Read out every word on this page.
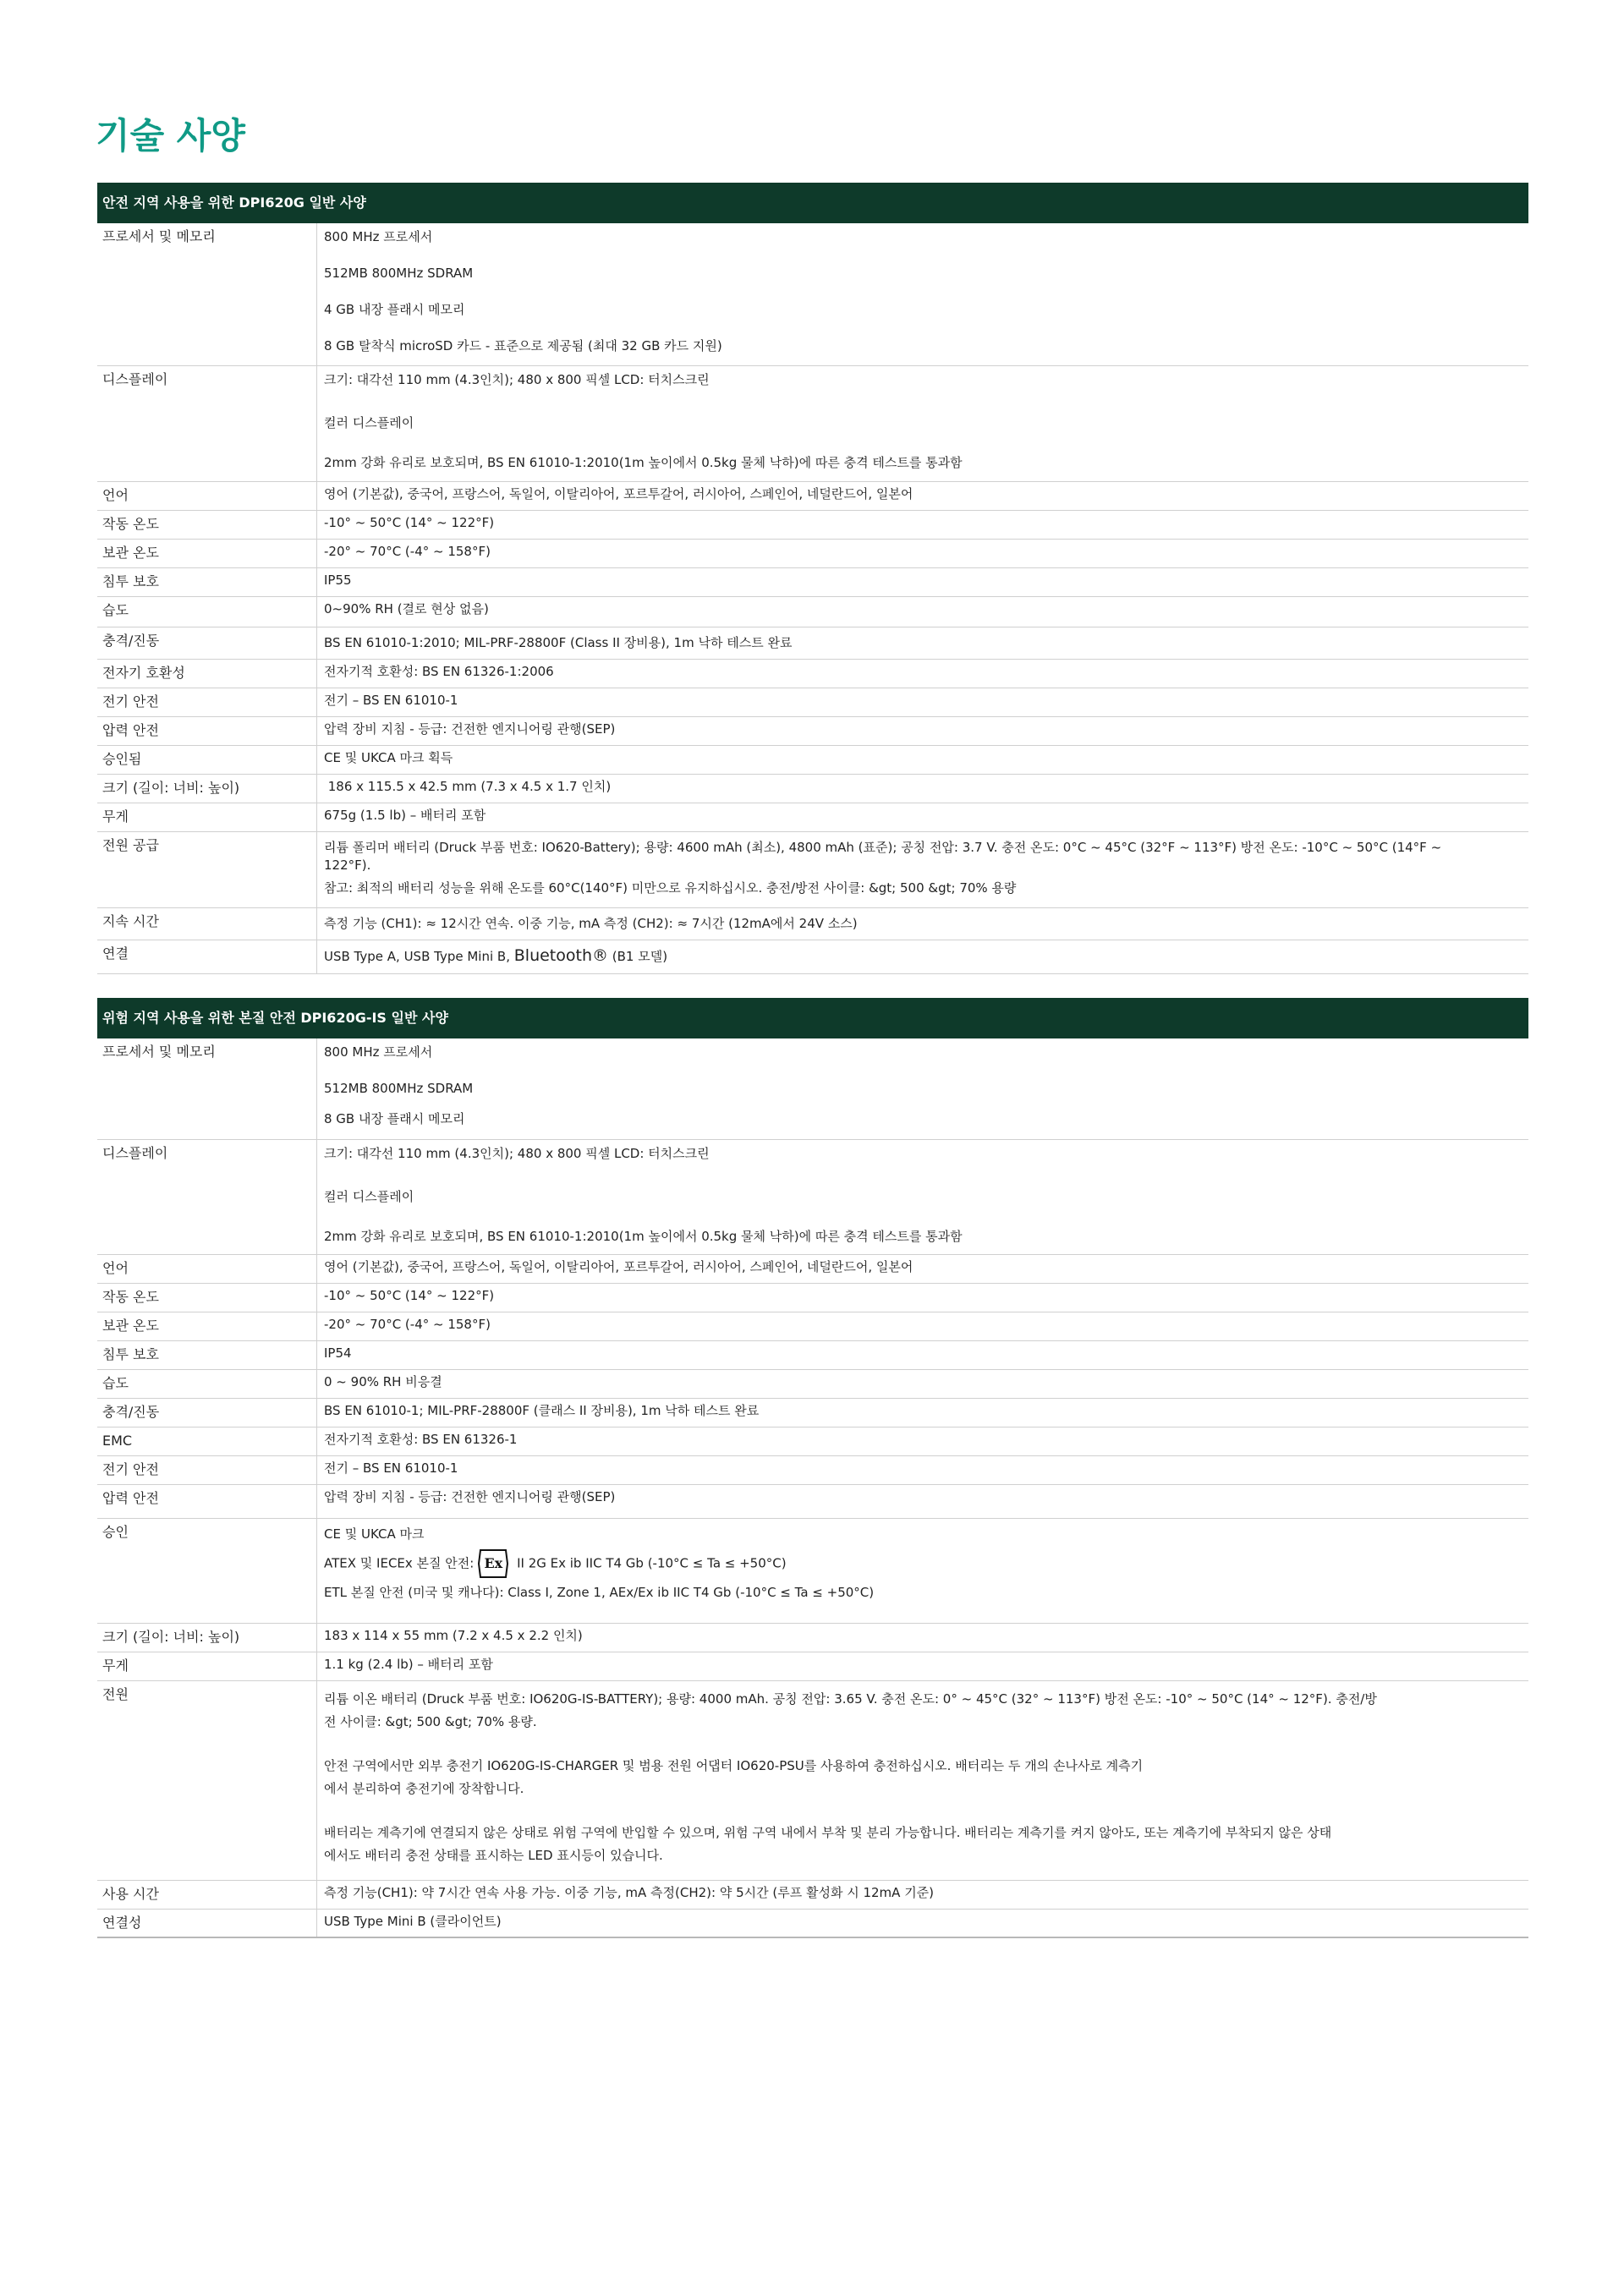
기술 사양
안전 지역 사용을 위한 DPI620G 일반 사양
프로세서 및 메모리	800 MHz 프로세서
512MB 800MHz SDRAM
4 GB 내장 플래시 메모리
8 GB 탈착식 microSD 카드 - 표준으로 제공됨 (최대 32 GB 카드 지원)
디스플레이	크기: 대각선 110 mm (4.3인치); 480 x 800 픽셀 LCD: 터치스크린
컬러 디스플레이
2mm 강화 유리로 보호되며, BS EN 61010-1:2010(1m 높이에서 0.5kg 물체 낙하)에 따른 충격 테스트를 통과함
언어	영어 (기본값), 중국어, 프랑스어, 독일어, 이탈리아어, 포르투갈어, 러시아어, 스페인어, 네덜란드어, 일본어
작동 온도	-10° ~ 50°C (14° ~ 122°F)
보관 온도	-20° ~ 70°C (-4° ~ 158°F)
침투 보호	IP55
습도	0~90% RH (결로 현상 없음)
충격/진동	BS EN 61010-1:2010; MIL-PRF-28800F (Class II 장비용), 1m 낙하 테스트 완료
전자기 호환성	전자기적 호환성: BS EN 61326-1:2006
전기 안전	전기 – BS EN 61010-1
압력 안전	압력 장비 지침 - 등급: 건전한 엔지니어링 관행(SEP)
승인됨	CE 및 UKCA 마크 획득
크기 (길이: 너비: 높이)	186 x 115.5 x 42.5 mm (7.3 x 4.5 x 1.7 인치)
무게	675g (1.5 lb) – 배터리 포함
전원 공급	리튬 폴리머 배터리 (Druck 부품 번호: IO620-Battery); 용량: 4600 mAh (최소), 4800 mAh (표준); 공칭 전압: 3.7 V. 충전 온도: 0°C ~ 45°C (32°F ~ 113°F) 방전 온도: -10°C ~ 50°C (14°F ~
122°F).
참고: 최적의 배터리 성능을 위해 온도를 60°C(140°F) 미만으로 유지하십시오. 충전/방전 사이클: &gt; 500 &gt; 70% 용량
지속 시간	측정 기능 (CH1): ≈ 12시간 연속. 이중 기능, mA 측정 (CH2): ≈ 7시간 (12mA에서 24V 소스)
연결	USB Type A, USB Type Mini B, Bluetooth® (B1 모델)
위험 지역 사용을 위한 본질 안전 DPI620G-IS 일반 사양
프로세서 및 메모리	800 MHz 프로세서
512MB 800MHz SDRAM
8 GB 내장 플래시 메모리
디스플레이	크기: 대각선 110 mm (4.3인치); 480 x 800 픽셀 LCD: 터치스크린
컬러 디스플레이
2mm 강화 유리로 보호되며, BS EN 61010-1:2010(1m 높이에서 0.5kg 물체 낙하)에 따른 충격 테스트를 통과함
언어	영어 (기본값), 중국어, 프랑스어, 독일어, 이탈리아어, 포르투갈어, 러시아어, 스페인어, 네덜란드어, 일본어
작동 온도	-10° ~ 50°C (14° ~ 122°F)
보관 온도	-20° ~ 70°C (-4° ~ 158°F)
침투 보호	IP54
습도	0 ~ 90% RH 비응결
충격/진동	BS EN 61010-1; MIL-PRF-28800F (클래스 II 장비용), 1m 낙하 테스트 완료
EMC	전자기적 호환성: BS EN 61326-1
전기 안전	전기 – BS EN 61010-1
압력 안전	압력 장비 지침 - 등급: 건전한 엔지니어링 관행(SEP)
승인	CE 및 UKCA 마크
ATEX 및 IECEx 본질 안전: Ex II 2G Ex ib IIC T4 Gb (-10°C ≤ Ta ≤ +50°C)
ETL 본질 안전 (미국 및 캐나다): Class I, Zone 1, AEx/Ex ib IIC T4 Gb (-10°C ≤ Ta ≤ +50°C)
크기 (길이: 너비: 높이)	183 x 114 x 55 mm (7.2 x 4.5 x 2.2 인치)
무게	1.1 kg (2.4 lb) – 배터리 포함
전원	리튬 이온 배터리 (Druck 부품 번호: IO620G-IS-BATTERY); 용량: 4000 mAh. 공칭 전압: 3.65 V. 충전 온도: 0° ~ 45°C (32° ~ 113°F) 방전 온도: -10° ~ 50°C (14° ~ 12°F). 충전/방
전 사이클: &gt; 500 &gt; 70% 용량.
안전 구역에서만 외부 충전기 IO620G-IS-CHARGER 및 범용 전원 어댑터 IO620-PSU를 사용하여 충전하십시오. 배터리는 두 개의 손나사로 계측기
에서 분리하여 충전기에 장착합니다.
배터리는 계측기에 연결되지 않은 상태로 위험 구역에 반입할 수 있으며, 위험 구역 내에서 부착 및 분리 가능합니다. 배터리는 계측기를 켜지 않아도, 또는 계측기에 부착되지 않은 상태
에서도 배터리 충전 상태를 표시하는 LED 표시등이 있습니다.
사용 시간	측정 기능(CH1): 약 7시간 연속 사용 가능. 이중 기능, mA 측정(CH2): 약 5시간 (루프 활성화 시 12mA 기준)
연결성	USB Type Mini B (클라이언트)
